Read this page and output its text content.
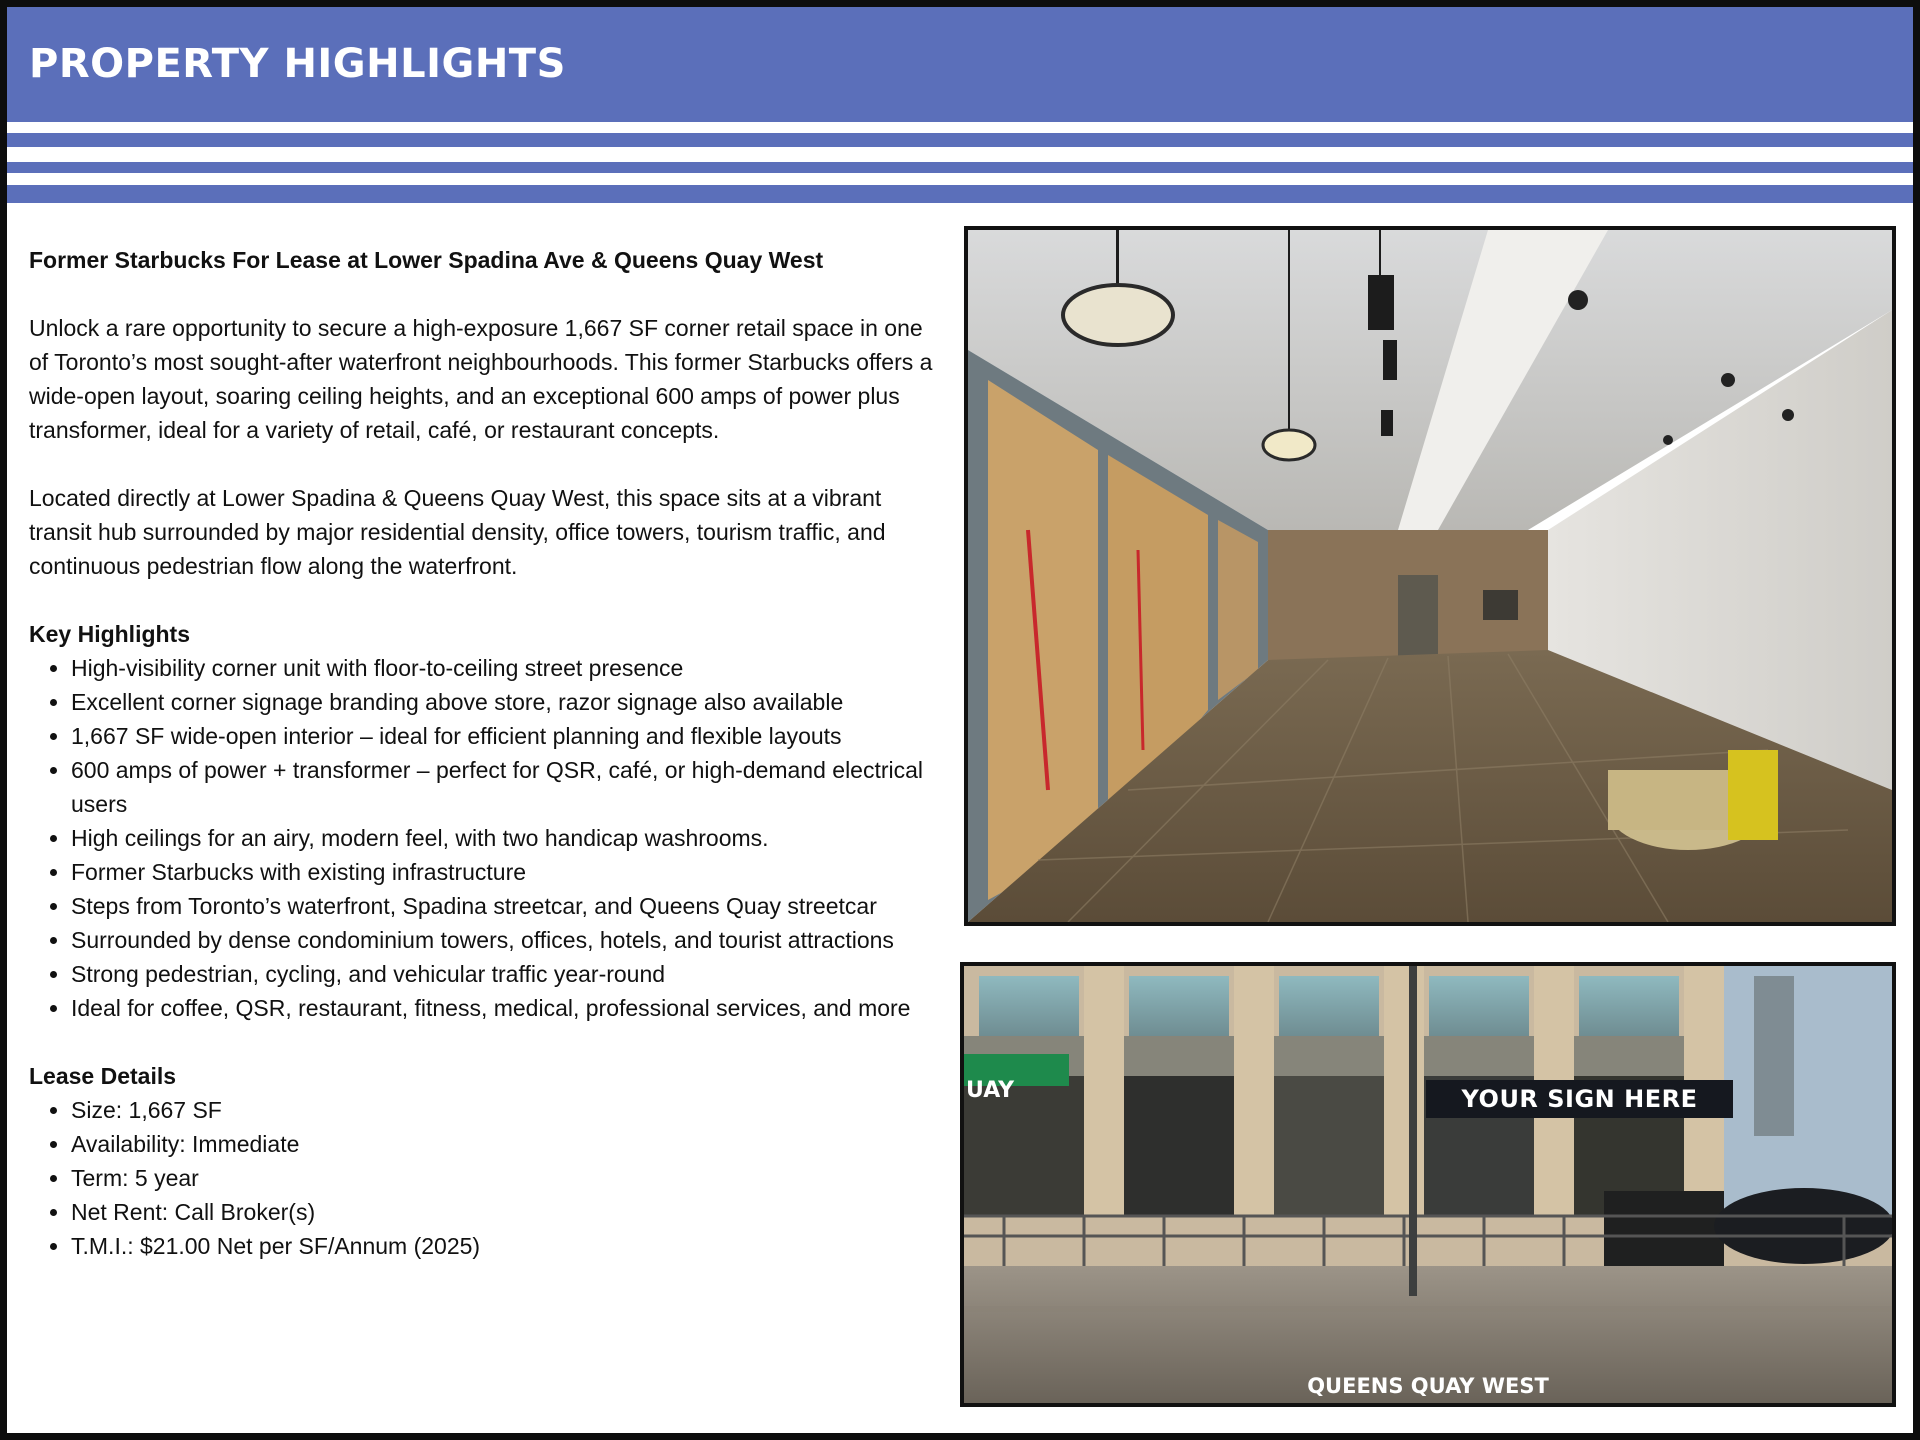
PROPERTY HIGHLIGHTS

Former Starbucks For Lease at Lower Spadina Ave & Queens Quay West

Unlock a rare opportunity to secure a high-exposure 1,667 SF corner retail space in one of Toronto’s most sought-after waterfront neighbourhoods. This former Starbucks offers a wide-open layout, soaring ceiling heights, and an exceptional 600 amps of power plus transformer, ideal for a variety of retail, café, or restaurant concepts.

Located directly at Lower Spadina & Queens Quay West, this space sits at a vibrant transit hub surrounded by major residential density, office towers, tourism traffic, and continuous pedestrian flow along the waterfront.

Key Highlights

• High-visibility corner unit with floor-to-ceiling street presence
• Excellent corner signage branding above store, razor signage also available
• 1,667 SF wide-open interior – ideal for efficient planning and flexible layouts
• 600 amps of power + transformer – perfect for QSR, café, or high-demand electrical users
• High ceilings for an airy, modern feel, with two handicap washrooms.
• Former Starbucks with existing infrastructure
• Steps from Toronto’s waterfront, Spadina streetcar, and Queens Quay streetcar
• Surrounded by dense condominium towers, offices, hotels, and tourist attractions
• Strong pedestrian, cycling, and vehicular traffic year-round
• Ideal for coffee, QSR, restaurant, fitness, medical, professional services, and more

Lease Details

• Size: 1,667 SF
• Availability: Immediate
• Term: 5 year
• Net Rent: Call Broker(s)
• T.M.I.: $21.00 Net per SF/Annum (2025)
UAY	YOUR SIGN HERE
QUEENS QUAY WEST
